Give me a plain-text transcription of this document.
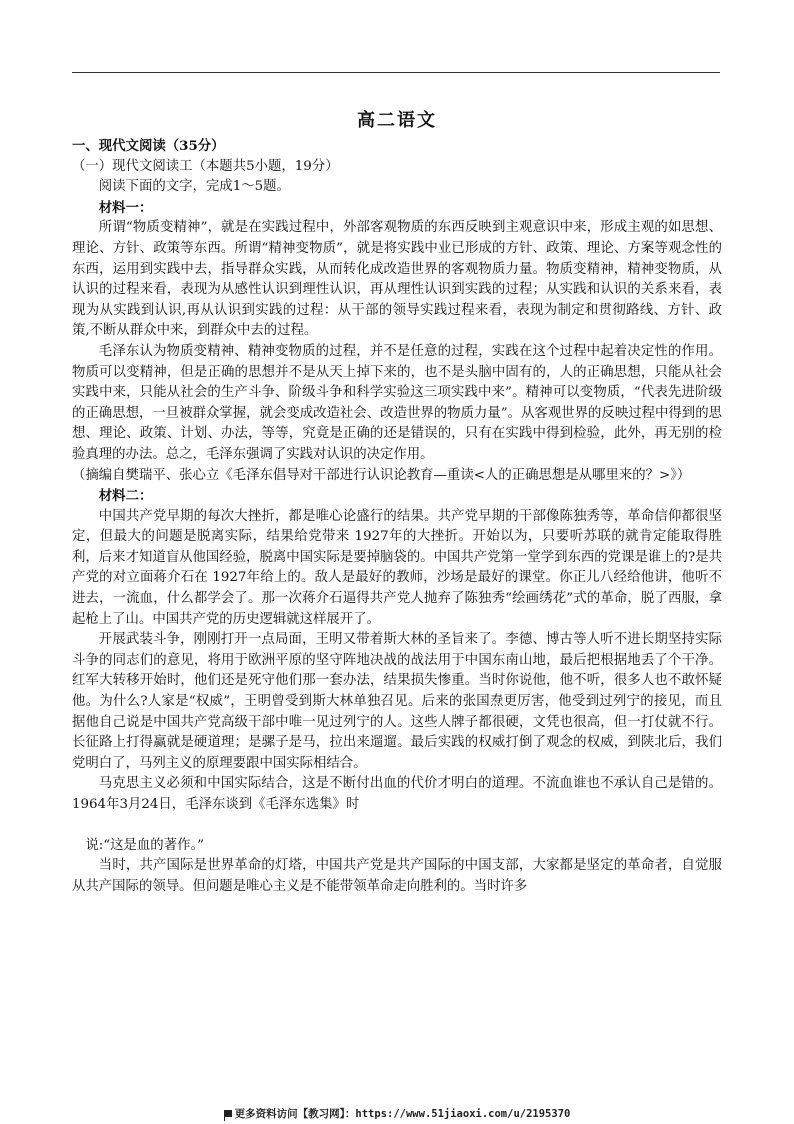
高二语文

一、现代文阅读（35分）

（一）现代文阅读工（本题共5小题，19分）

阅读下面的文字，完成1～5题。

材料一：

所谓“物质变精神”，就是在实践过程中，外部客观物质的东西反映到主观意识中来，形成主观的如思想、理论、方针、政策等东西。所谓“精神变物质”，就是将实践中业已形成的方针、政策、理论、方案等观念性的东西，运用到实践中去，指导群众实践，从而转化成改造世界的客观物质力量。物质变精神，精神变物质，从认识的过程来看，表现为从感性认识到理性认识，再从理性认识到实践的过程；从实践和认识的关系来看，表现为从实践到认识,再从认识到实践的过程：从干部的领导实践过程来看，表现为制定和贯彻路线、方针、政策,不断从群众中来，到群众中去的过程。

毛泽东认为物质变精神、精神变物质的过程，并不是任意的过程，实践在这个过程中起着决定性的作用。物质可以变精神，但是正确的思想并不是从天上掉下来的，也不是头脑中固有的，人的正确思想，只能从社会实践中来，只能从社会的生产斗争、阶级斗争和科学实验这三项实践中来”。精神可以变物质，“代表先进阶级的正确思想，一旦被群众掌握，就会变成改造社会、改造世界的物质力量”。从客观世界的反映过程中得到的思想、理论、政策、计划、办法，等等，究竟是正确的还是错误的，只有在实践中得到检验，此外，再无别的检验真理的办法。总之，毛泽东强调了实践对认识的决定作用。

（摘编自樊瑞平、张心立《毛泽东倡导对干部进行认识论教育—重读<人的正确思想是从哪里来的？>》）

材料二：

中国共产党早期的每次大挫折，都是唯心论盛行的结果。共产党早期的干部像陈独秀等，革命信仰都很坚定，但最大的问题是脱离实际，结果给党带来 1927年的大挫折。开始以为，只要听苏联的就肯定能取得胜利，后来才知道盲从他国经验，脱离中国实际是要掉脑袋的。中国共产党第一堂学到东西的党课是谁上的?是共产党的对立面蒋介石在 1927年给上的。敌人是最好的教师，沙场是最好的课堂。你正儿八经给他讲，他听不进去，一流血，什么都学会了。那一次蒋介石逼得共产党人抛弃了陈独秀“绘画绣花”式的革命，脱了西服，拿起枪上了山。中国共产党的历史逻辑就这样展开了。

开展武装斗争，刚刚打开一点局面，王明又带着斯大林的圣旨来了。李德、博古等人听不进长期坚持实际斗争的同志们的意见，将用于欧洲平原的坚守阵地决战的战法用于中国东南山地，最后把根据地丢了个干净。红军大转移开始时，他们还是死守他们那一套办法，结果损失惨重。当时你说他，他不听，很多人也不敢怀疑他。为什么?人家是“权威”，王明曾受到斯大林单独召见。后来的张国焘更厉害，他受到过列宁的接见，而且据他自己说是中国共产党高级干部中唯一见过列宁的人。这些人牌子都很硬，文凭也很高，但一打仗就不行。长征路上打得赢就是硬道理；是骡子是马，拉出来遛遛。最后实践的权威打倒了观念的权威，到陕北后，我们党明白了，马列主义的原理要跟中国实际相结合。

马克思主义必须和中国实际结合，这是不断付出血的代价才明白的道理。不流血谁也不承认自己是错的。1964年3月24日，毛泽东谈到《毛泽东选集》时

说:“这是血的著作。”

当时，共产国际是世界革命的灯塔，中国共产党是共产国际的中国支部，大家都是坚定的革命者，自觉服从共产国际的领导。但问题是唯心主义是不能带领革命走向胜利的。当时许多

更多资料访问【教习网】：https://www.51jiaoxi.com/u/2195370
